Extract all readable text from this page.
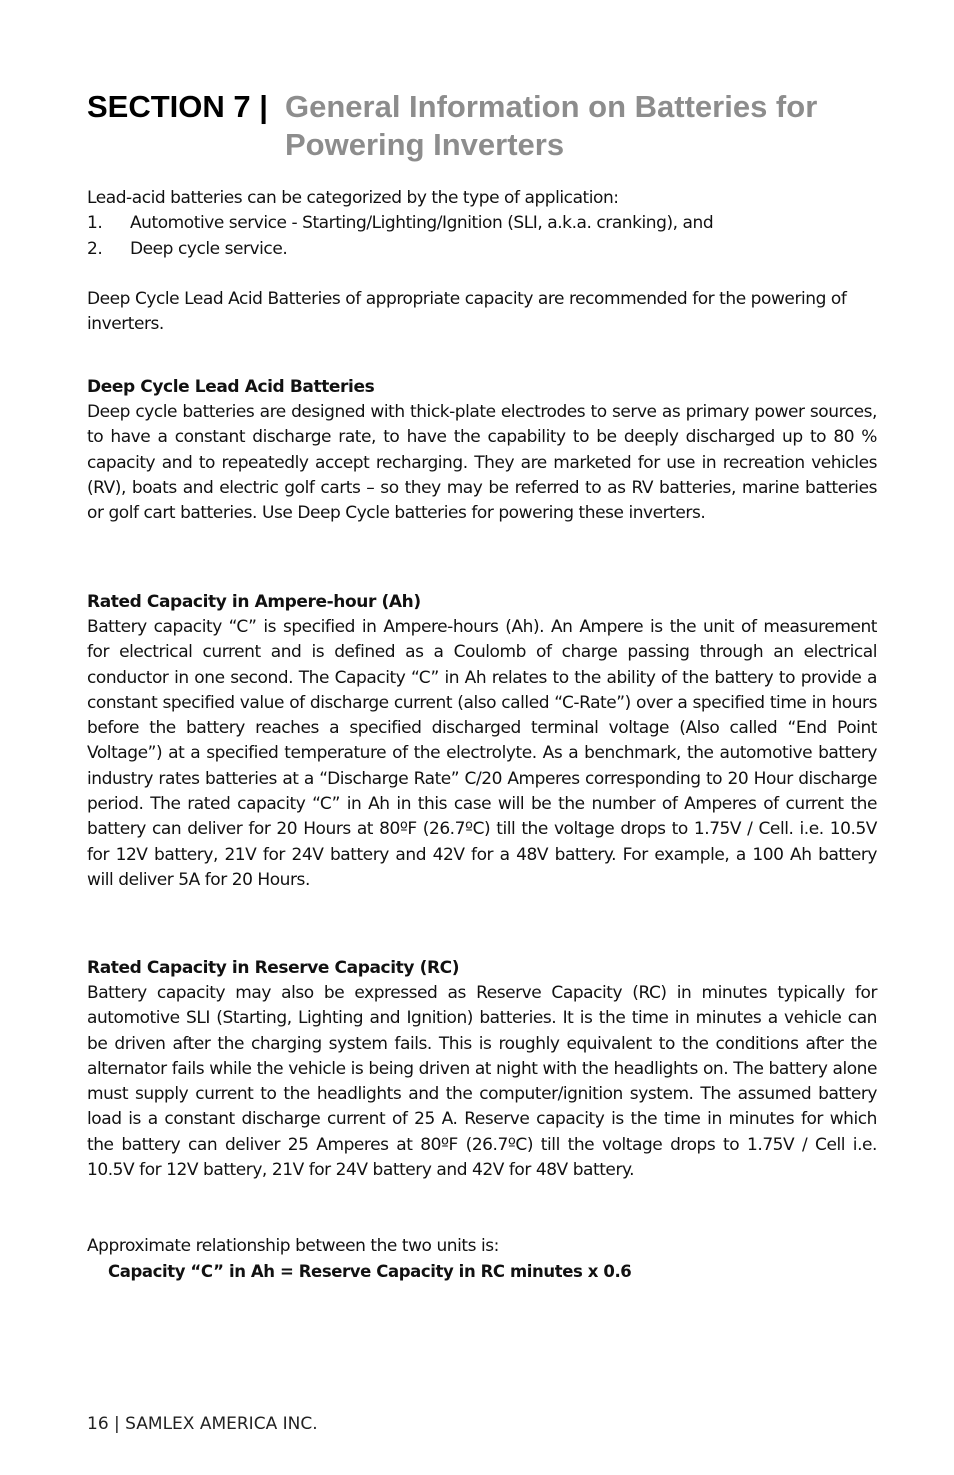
SECTION 7 | General Information on Batteries for Powering Inverters

Lead-acid batteries can be categorized by the type of application:

1. Automotive service - Starting/Lighting/Ignition (SLI, a.k.a. cranking), and
2. Deep cycle service.

Deep Cycle Lead Acid Batteries of appropriate capacity are recommended for the powering of inverters.

Deep Cycle Lead Acid Batteries

Deep cycle batteries are designed with thick-plate electrodes to serve as primary power sources, to have a constant discharge rate, to have the capability to be deeply discharged up to 80 % capacity and to repeatedly accept recharging. They are marketed for use in recreation vehicles (RV), boats and electric golf carts – so they may be referred to as RV batteries, marine batteries or golf cart batteries. Use Deep Cycle batteries for powering these inverters.

Rated Capacity in Ampere-hour (Ah)

Battery capacity “C” is specified in Ampere-hours (Ah). An Ampere is the unit of measurement for electrical current and is defined as a Coulomb of charge passing through an electrical conductor in one second. The Capacity “C” in Ah relates to the ability of the battery to provide a constant specified value of discharge current (also called “C-Rate”) over a specified time in hours before the battery reaches a specified discharged terminal voltage (Also called “End Point Voltage”) at a specified temperature of the electrolyte. As a benchmark, the automotive battery industry rates batteries at a “Discharge Rate” C/20 Amperes corresponding to 20 Hour discharge period. The rated capacity “C” in Ah in this case will be the number of Amperes of current the battery can deliver for 20 Hours at 80ºF (26.7ºC) till the voltage drops to 1.75V / Cell. i.e. 10.5V for 12V battery, 21V for 24V battery and 42V for a 48V battery. For example, a 100 Ah battery will deliver 5A for 20 Hours.

Rated Capacity in Reserve Capacity (RC)

Battery capacity may also be expressed as Reserve Capacity (RC) in minutes typically for automotive SLI (Starting, Lighting and Ignition) batteries. It is the time in minutes a vehicle can be driven after the charging system fails. This is roughly equivalent to the conditions after the alternator fails while the vehicle is being driven at night with the headlights on. The battery alone must supply current to the headlights and the computer/ignition system. The assumed battery load is a constant discharge current of 25 A. Reserve capacity is the time in minutes for which the battery can deliver 25 Amperes at 80ºF (26.7ºC) till the voltage drops to 1.75V / Cell i.e. 10.5V for 12V battery, 21V for 24V battery and 42V for 48V battery.

Approximate relationship between the two units is:

Capacity “C” in Ah = Reserve Capacity in RC minutes x 0.6

16 | SAMLEX AMERICA INC.
